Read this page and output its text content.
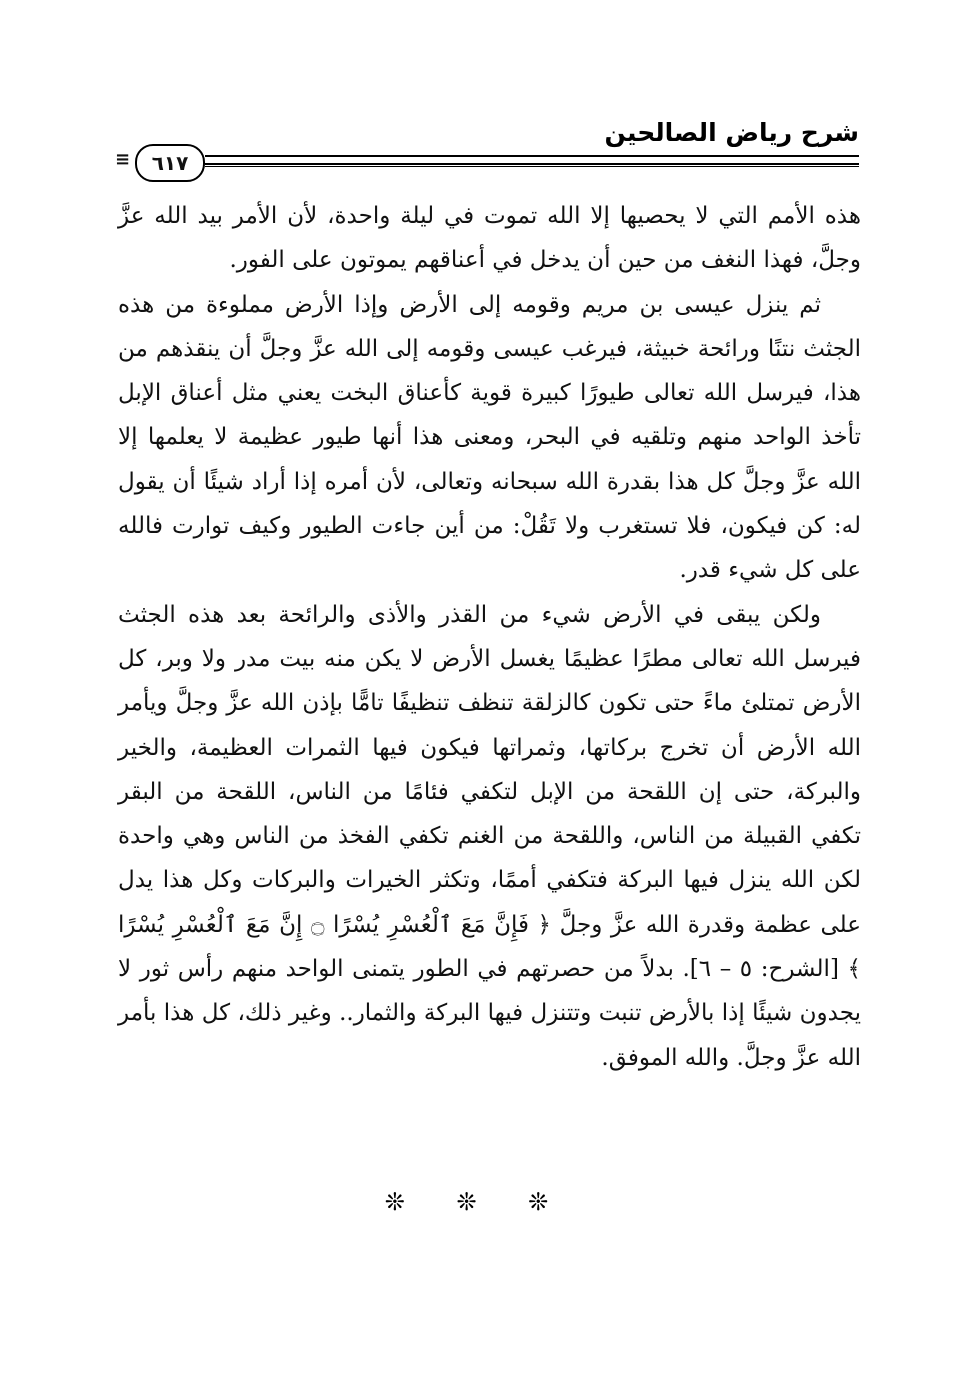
شرح رياض الصالحين
٦١٧
≡

هذه الأمم التي لا يحصيها إلا الله تموت في ليلة واحدة، لأن الأمر بيد الله عزَّ وجلَّ، فهذا النغف من حين أن يدخل في أعناقهم يموتون على الفور.

ثم ينزل عيسى بن مريم وقومه إلى الأرض وإذا الأرض مملوءة من هذه الجثث نتنًا ورائحة خبيثة، فيرغب عيسى وقومه إلى الله عزَّ وجلَّ أن ينقذهم من هذا، فيرسل الله تعالى طيورًا كبيرة قوية كأعناق البخت يعني مثل أعناق الإبل تأخذ الواحد منهم وتلقيه في البحر، ومعنى هذا أنها طيور عظيمة لا يعلمها إلا الله عزَّ وجلَّ كل هذا بقدرة الله سبحانه وتعالى، لأن أمره إذا أراد شيئًا أن يقول له: كن فيكون، فلا تستغرب ولا تَقُلْ: من أين جاءت الطيور وكيف توارت فالله على كل شيء قدر.

ولكن يبقى في الأرض شيء من القذر والأذى والرائحة بعد هذه الجثث فيرسل الله تعالى مطرًا عظيمًا يغسل الأرض لا يكن منه بيت مدر ولا وبر، كل الأرض تمتلئ ماءً حتى تكون كالزلقة تنظف تنظيفًا تامًّا بإذن الله عزَّ وجلَّ ويأمر الله الأرض أن تخرج بركاتها، وثمراتها فيكون فيها الثمرات العظيمة، والخير والبركة، حتى إن اللقحة من الإبل لتكفي فئامًا من الناس، اللقحة من البقر تكفي القبيلة من الناس، واللقحة من الغنم تكفي الفخذ من الناس وهي واحدة لكن الله ينزل فيها البركة فتكفي أممًا، وتكثر الخيرات والبركات وكل هذا يدل على عظمة وقدرة الله عزَّ وجلَّ ﴿ فَإِنَّ مَعَ ٱلْعُسْرِ يُسْرًا ۝ إِنَّ مَعَ ٱلْعُسْرِ يُسْرًا ﴾ [الشرح: ٥ – ٦]. بدلاً من حصرتهم في الطور يتمنى الواحد منهم رأس ثور لا يجدون شيئًا إذا بالأرض تنبت وتتنزل فيها البركة والثمار.. وغير ذلك، كل هذا بأمر الله عزَّ وجلَّ. والله الموفق.

❊ ❊ ❊
